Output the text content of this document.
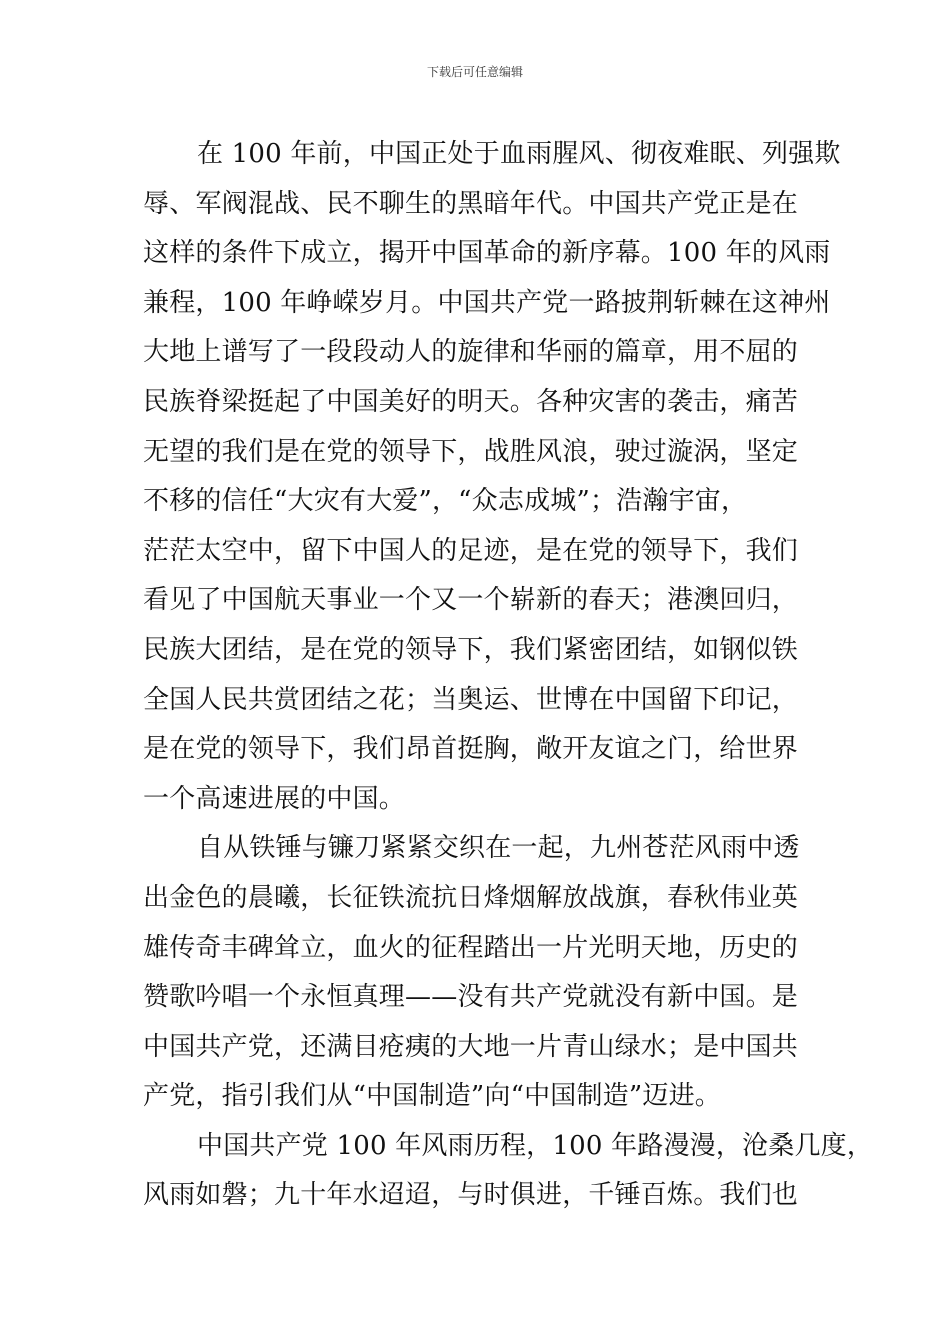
下载后可任意编辑
在 100 年前，中国正处于血雨腥风、彻夜难眠、列强欺
辱、军阀混战、民不聊生的黑暗年代。中国共产党正是在
这样的条件下成立，揭开中国革命的新序幕。100 年的风雨
兼程，100 年峥嵘岁月。中国共产党一路披荆斩棘在这神州
大地上谱写了一段段动人的旋律和华丽的篇章，用不屈的
民族脊梁挺起了中国美好的明天。各种灾害的袭击，痛苦
无望的我们是在党的领导下，战胜风浪，驶过漩涡，坚定
不移的信任“大灾有大爱”，“众志成城”；浩瀚宇宙，
茫茫太空中，留下中国人的足迹，是在党的领导下，我们
看见了中国航天事业一个又一个崭新的春天；港澳回归，
民族大团结，是在党的领导下，我们紧密团结，如钢似铁
全国人民共赏团结之花；当奥运、世博在中国留下印记，
是在党的领导下，我们昂首挺胸，敞开友谊之门，给世界
一个高速进展的中国。
自从铁锤与镰刀紧紧交织在一起，九州苍茫风雨中透
出金色的晨曦，长征铁流抗日烽烟解放战旗，春秋伟业英
雄传奇丰碑耸立，血火的征程踏出一片光明天地，历史的
赞歌吟唱一个永恒真理——没有共产党就没有新中国。是
中国共产党，还满目疮痍的大地一片青山绿水；是中国共
产党，指引我们从“中国制造”向“中国制造”迈进。
中国共产党 100 年风雨历程，100 年路漫漫，沧桑几度，
风雨如磐；九十年水迢迢，与时俱进，千锤百炼。我们也
